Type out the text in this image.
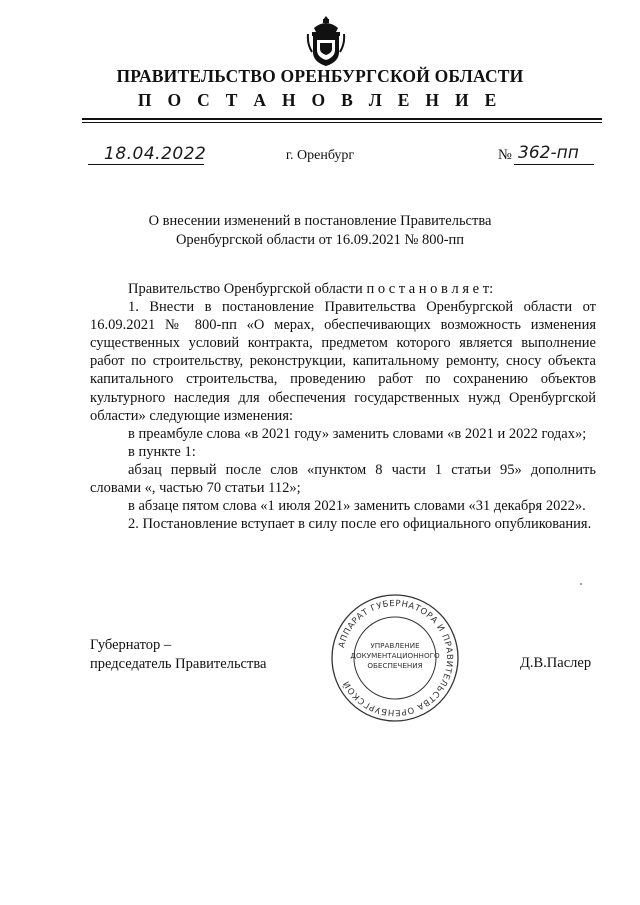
ПРАВИТЕЛЬСТВО ОРЕНБУРГСКОЙ ОБЛАСТИ
П О С Т А Н О В Л Е Н И Е
18.04.2022	г. Оренбург	№ 362-пп
О внесении изменений в постановление Правительства
Оренбургской области от 16.09.2021 № 800-пп

Правительство Оренбургской области п о с т а н о в л я е т:

1. Внести в постановление Правительства Оренбургской области от 16.09.2021 № 800-пп «О мерах, обеспечивающих возможность изменения существенных условий контракта, предметом которого является выполнение работ по строительству, реконструкции, капитальному ремонту, сносу объекта капитального строительства, проведению работ по сохранению объектов культурного наследия для обеспечения государственных нужд Оренбургской области» следующие изменения:

в преамбуле слова «в 2021 году» заменить словами «в 2021 и 2022 годах»;

в пункте 1:

абзац первый после слов «пунктом 8 части 1 статьи 95» дополнить словами «, частью 70 статьи 112»;

в абзаце пятом слова «1 июля 2021» заменить словами «31 декабря 2022».

2. Постановление вступает в силу после его официального опубликования.

Губернатор –
председатель Правительства	Д.В.Паслер
АППАРАТ ГУБЕРНАТОРА И ПРАВИТЕЛЬСТВА ОРЕНБУРГСКОЙ
УПРАВЛЕНИЕ
ДОКУМЕНТАЦИОННОГО
ОБЕСПЕЧЕНИЯ
